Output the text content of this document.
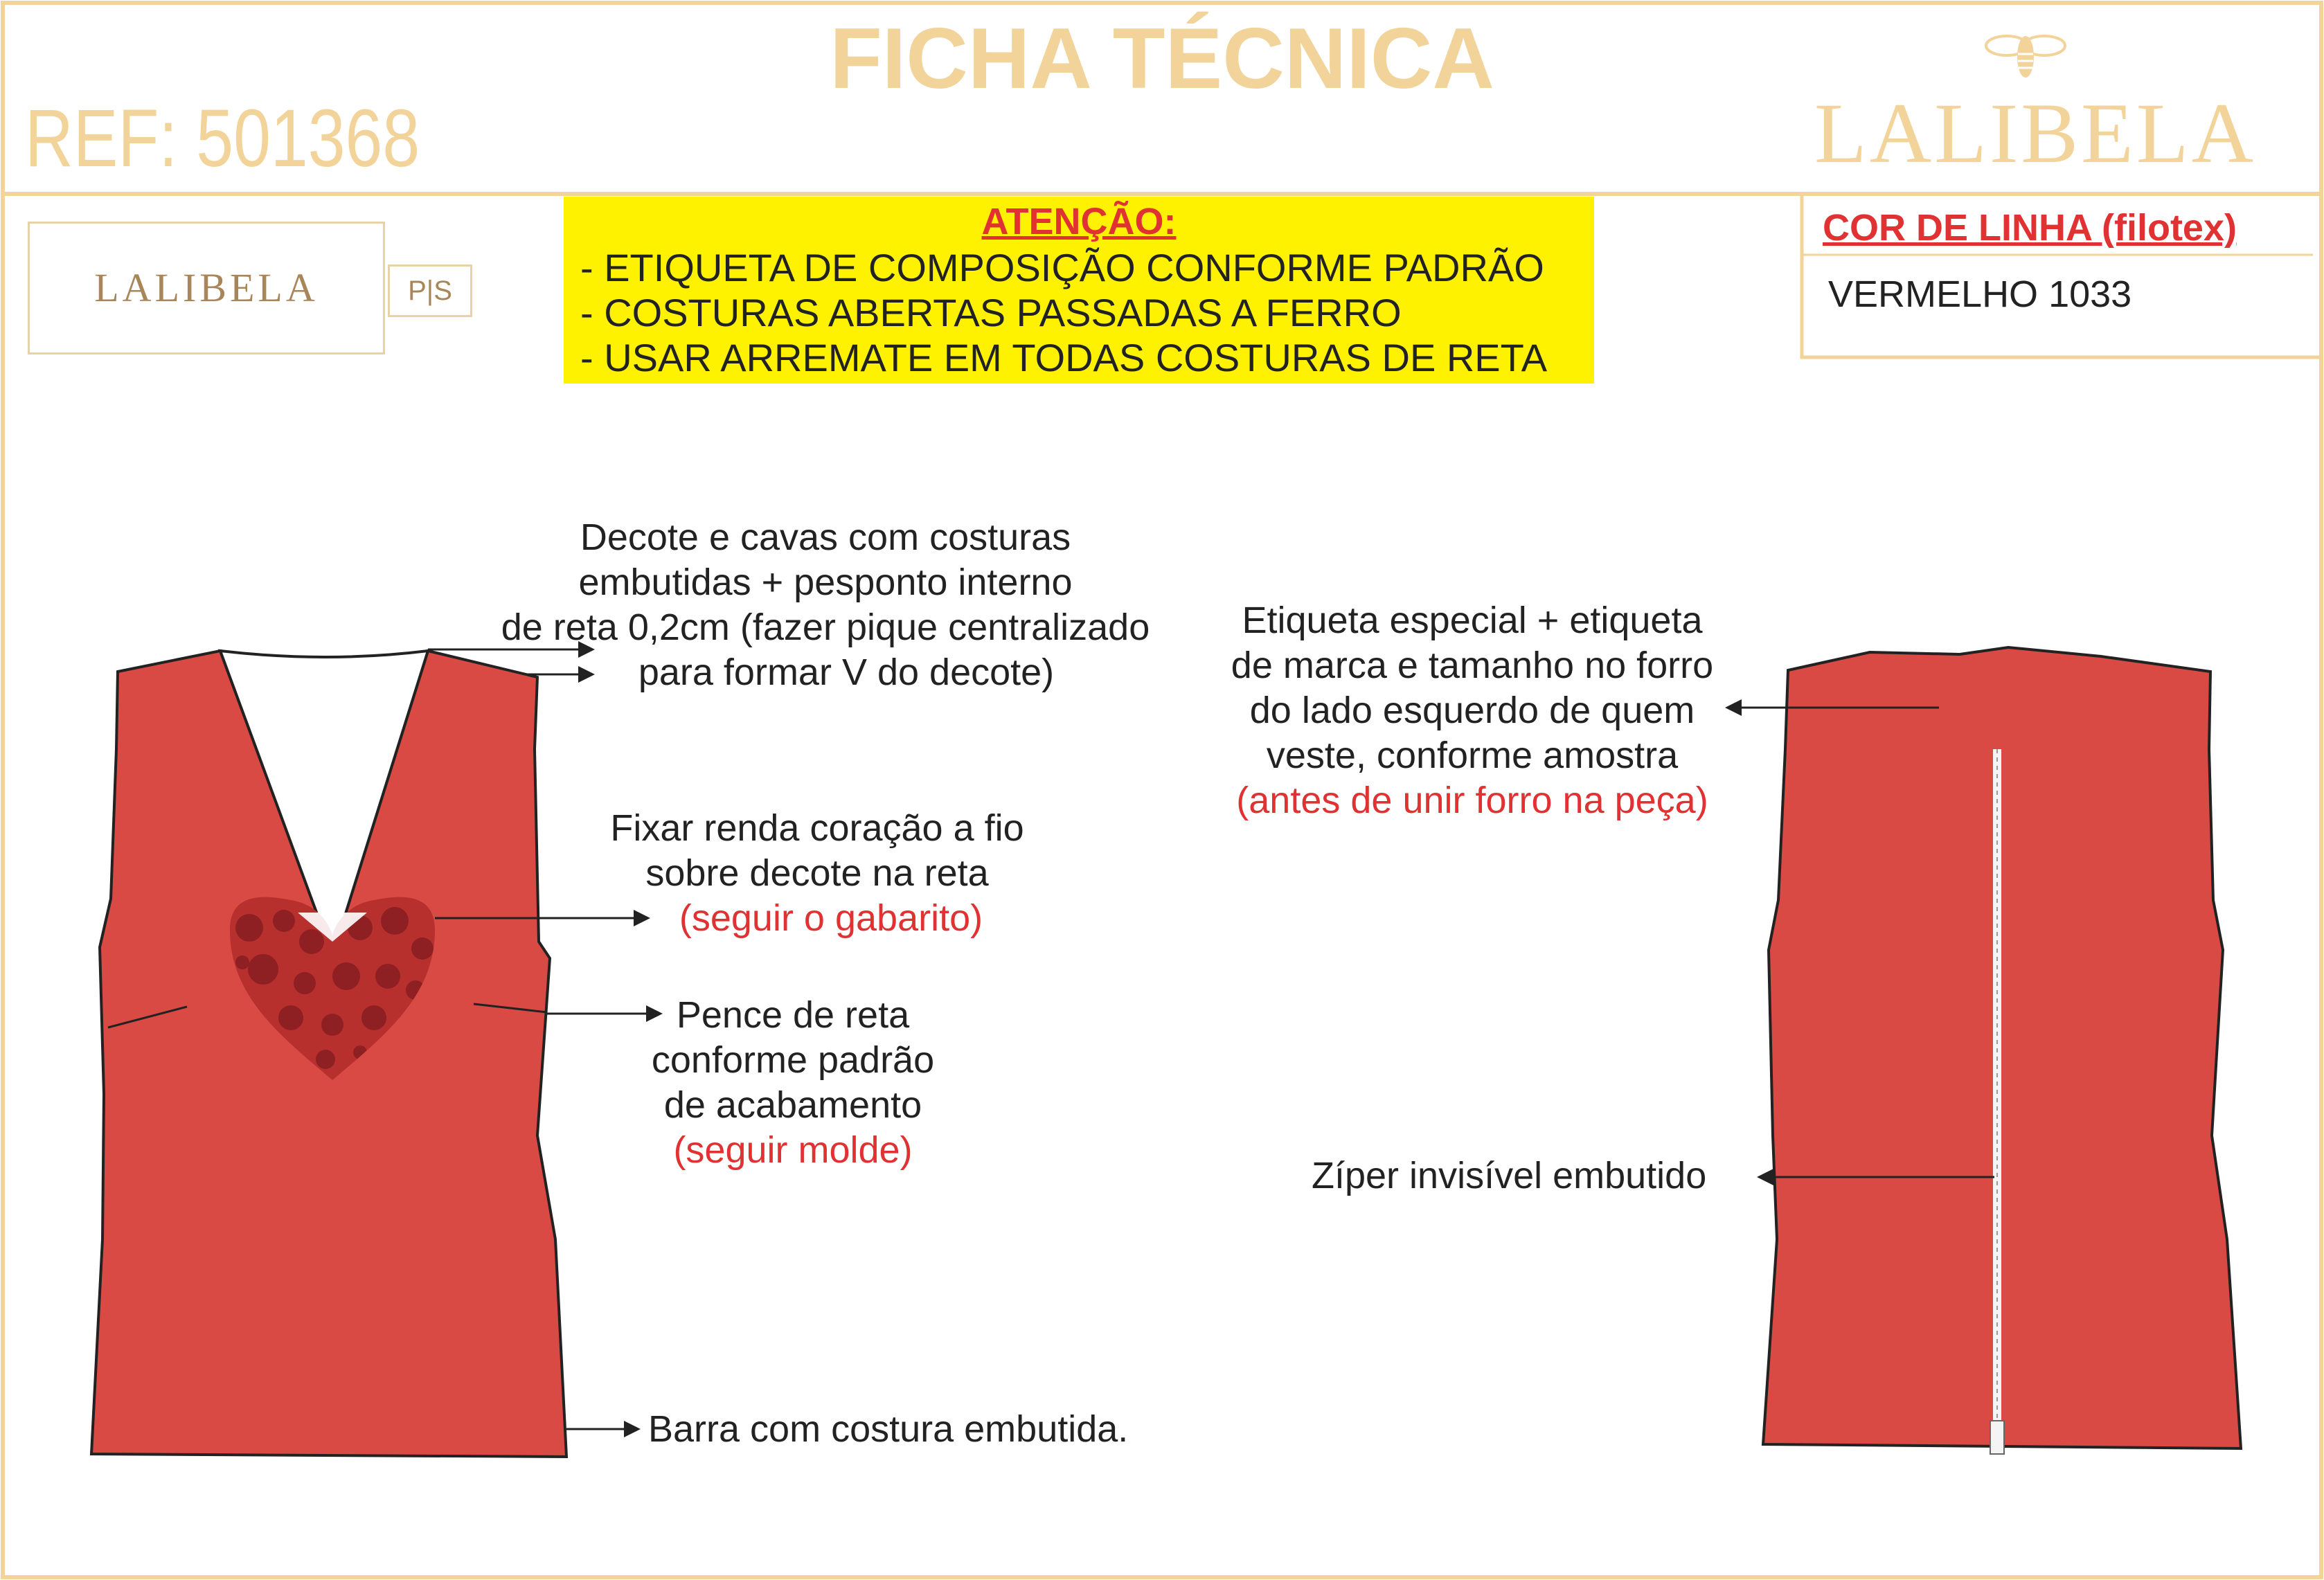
FICHA TÉCNICA
REF: 501368	LALIBELA
LALIBELA	P|S
ATENÇÃO:
- ETIQUETA DE COMPOSIÇÃO CONFORME PADRÃO
- COSTURAS ABERTAS PASSADAS A FERRO
- USAR ARREMATE EM TODAS COSTURAS DE RETA
COR DE LINHA (filotex)
VERMELHO 1033
Decote e cavas com costuras
embutidas + pesponto interno
de reta 0,2cm (fazer pique centralizado
para formar V do decote)
Fixar renda coração a fio
sobre decote na reta
(seguir o gabarito)
Pence de reta
conforme padrão
de acabamento
(seguir molde)
Barra com costura embutida.
Etiqueta especial + etiqueta
de marca e tamanho no forro
do lado esquerdo de quem
veste, conforme amostra
(antes de unir forro na peça)
Zíper invisível embutido
